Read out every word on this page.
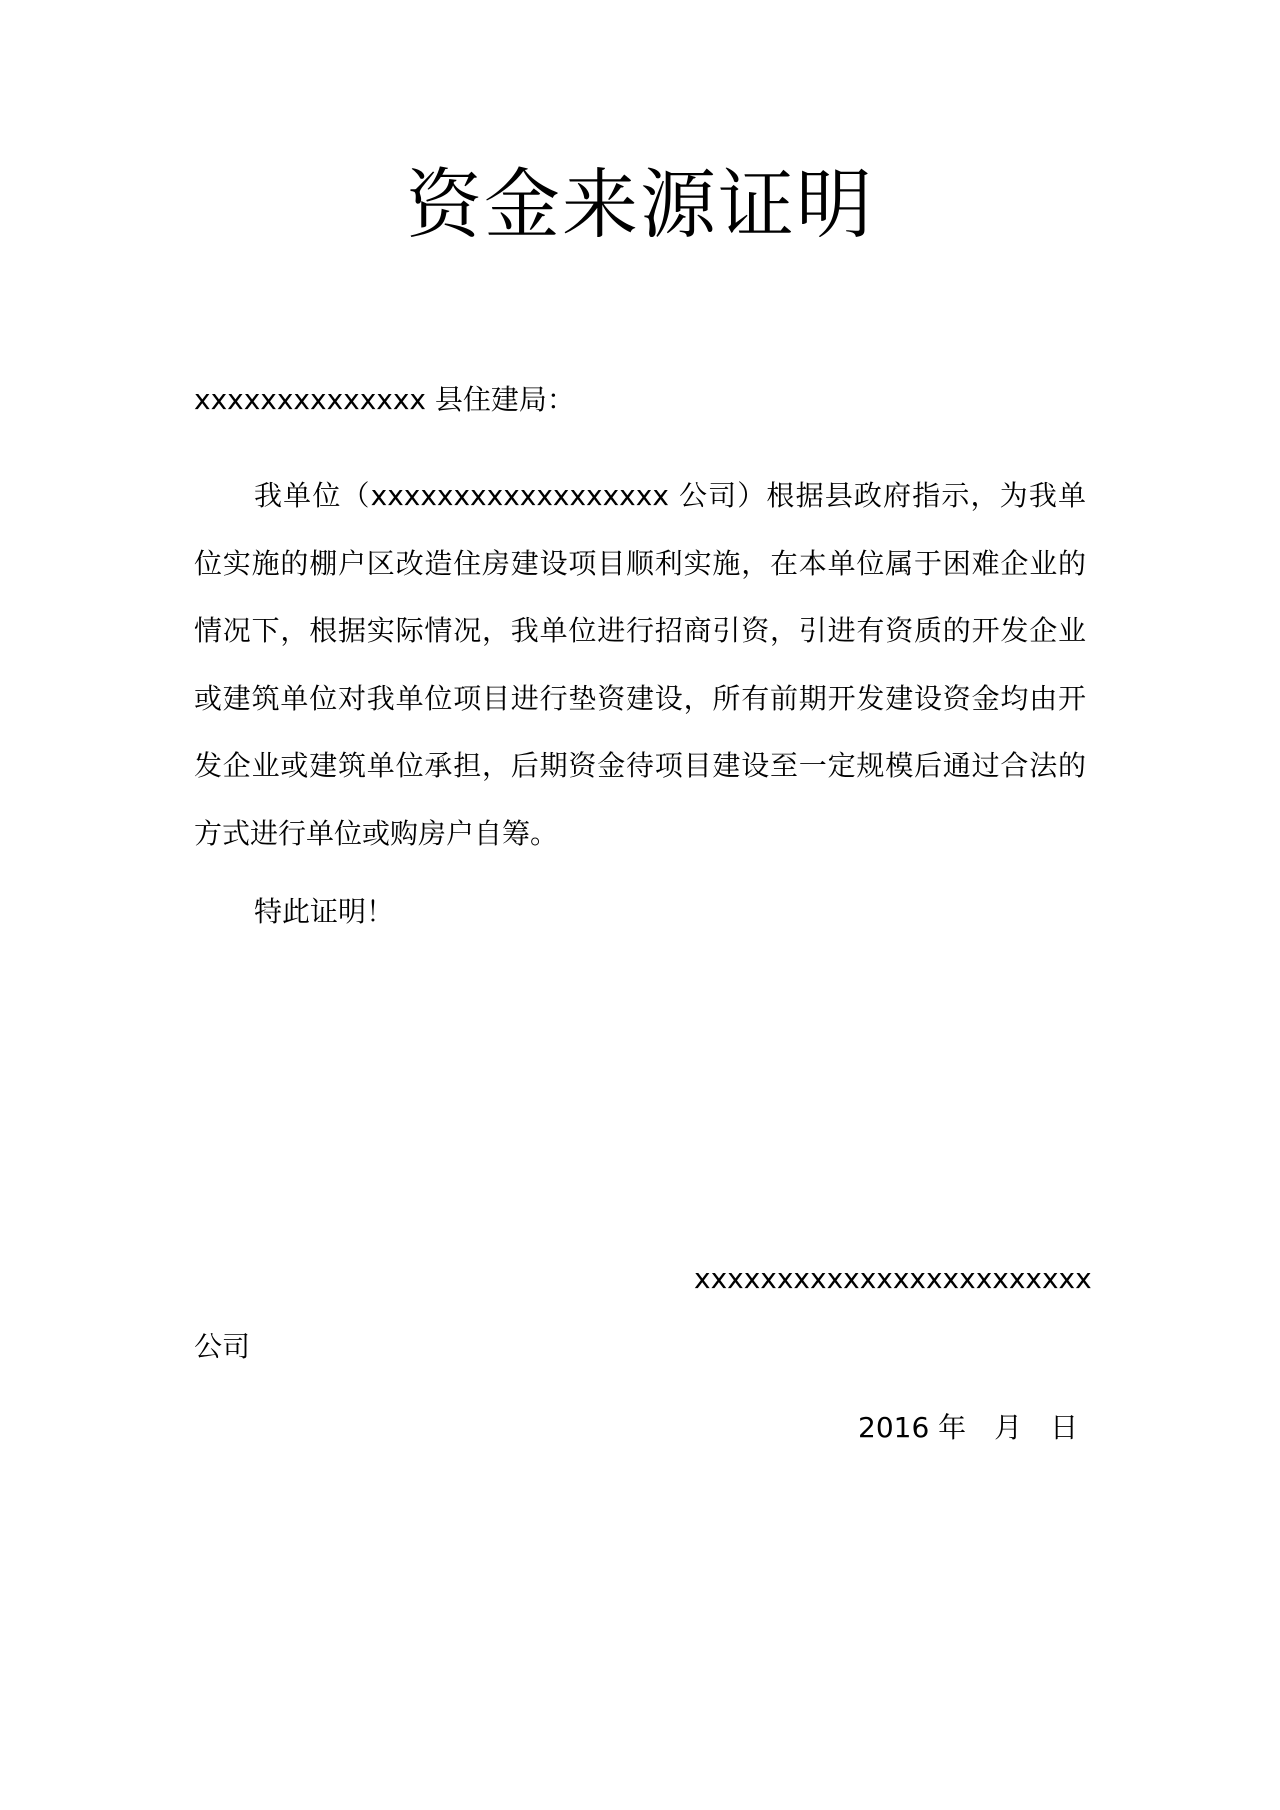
资金来源证明
xxxxxxxxxxxxxx 县住建局：

我单位（xxxxxxxxxxxxxxxxxx 公司）根据县政府指示，为我单位实施的棚户区改造住房建设项目顺利实施，在本单位属于困难企业的情况下，根据实际情况，我单位进行招商引资，引进有资质的开发企业或建筑单位对我单位项目进行垫资建设，所有前期开发建设资金均由开发企业或建筑单位承担，后期资金待项目建设至一定规模后通过合法的方式进行单位或购房户自筹。

特此证明！

xxxxxxxxxxxxxxxxxxxxxxxx公司

2016 年　月　日
